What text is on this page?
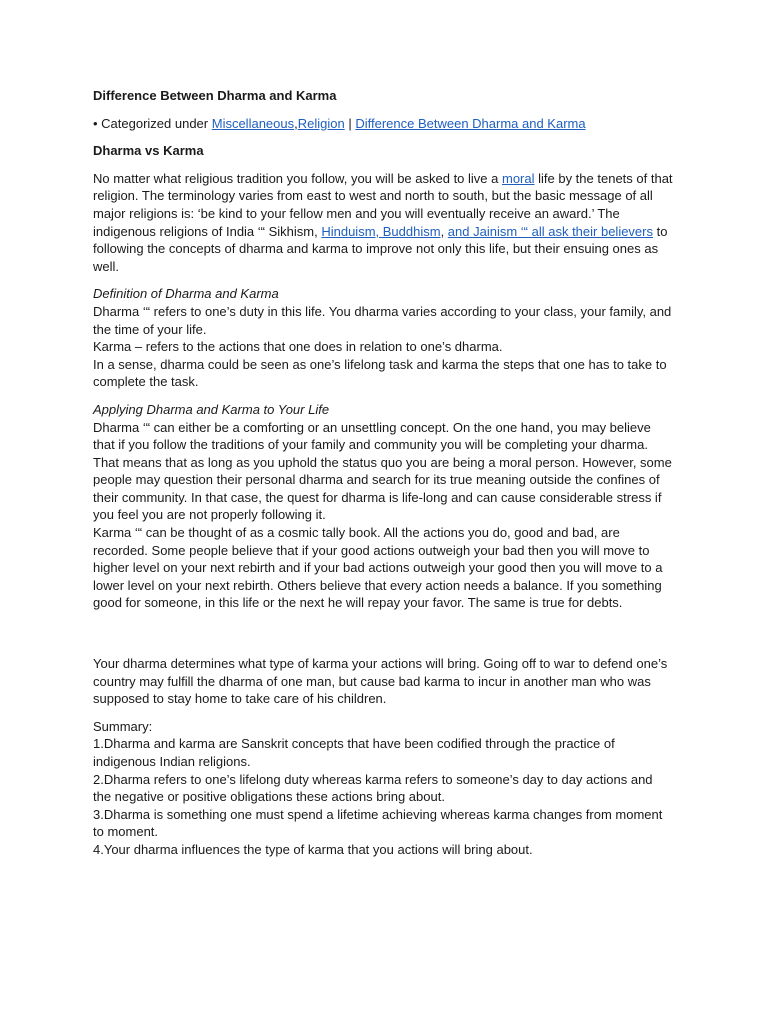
Difference Between Dharma and Karma

• Categorized under Miscellaneous,Religion | Difference Between Dharma and Karma

Dharma vs Karma

No matter what religious tradition you follow, you will be asked to live a moral life by the tenets of that religion. The terminology varies from east to west and north to south, but the basic message of all major religions is: ‘be kind to your fellow men and you will eventually receive an award.’ The indigenous religions of India ‘“ Sikhism, Hinduism, Buddhism, and Jainism ‘“ all ask their believers to following the concepts of dharma and karma to improve not only this life, but their ensuing ones as well.

Definition of Dharma and Karma

Dharma ‘“ refers to one’s duty in this life. You dharma varies according to your class, your family, and the time of your life.

Karma – refers to the actions that one does in relation to one’s dharma.

In a sense, dharma could be seen as one’s lifelong task and karma the steps that one has to take to complete the task.

Applying Dharma and Karma to Your Life

Dharma ‘“ can either be a comforting or an unsettling concept. On the one hand, you may believe that if you follow the traditions of your family and community you will be completing your dharma. That means that as long as you uphold the status quo you are being a moral person. However, some people may question their personal dharma and search for its true meaning outside the confines of their community. In that case, the quest for dharma is life-long and can cause considerable stress if you feel you are not properly following it.

Karma ‘“ can be thought of as a cosmic tally book. All the actions you do, good and bad, are recorded. Some people believe that if your good actions outweigh your bad then you will move to higher level on your next rebirth and if your bad actions outweigh your good then you will move to a lower level on your next rebirth. Others believe that every action needs a balance. If you something good for someone, in this life or the next he will repay your favor. The same is true for debts.

Your dharma determines what type of karma your actions will bring. Going off to war to defend one’s country may fulfill the dharma of one man, but cause bad karma to incur in another man who was supposed to stay home to take care of his children.

Summary:

1.Dharma and karma are Sanskrit concepts that have been codified through the practice of indigenous Indian religions.

2.Dharma refers to one’s lifelong duty whereas karma refers to someone’s day to day actions and the negative or positive obligations these actions bring about.

3.Dharma is something one must spend a lifetime achieving whereas karma changes from moment to moment.

4.Your dharma influences the type of karma that you actions will bring about.
